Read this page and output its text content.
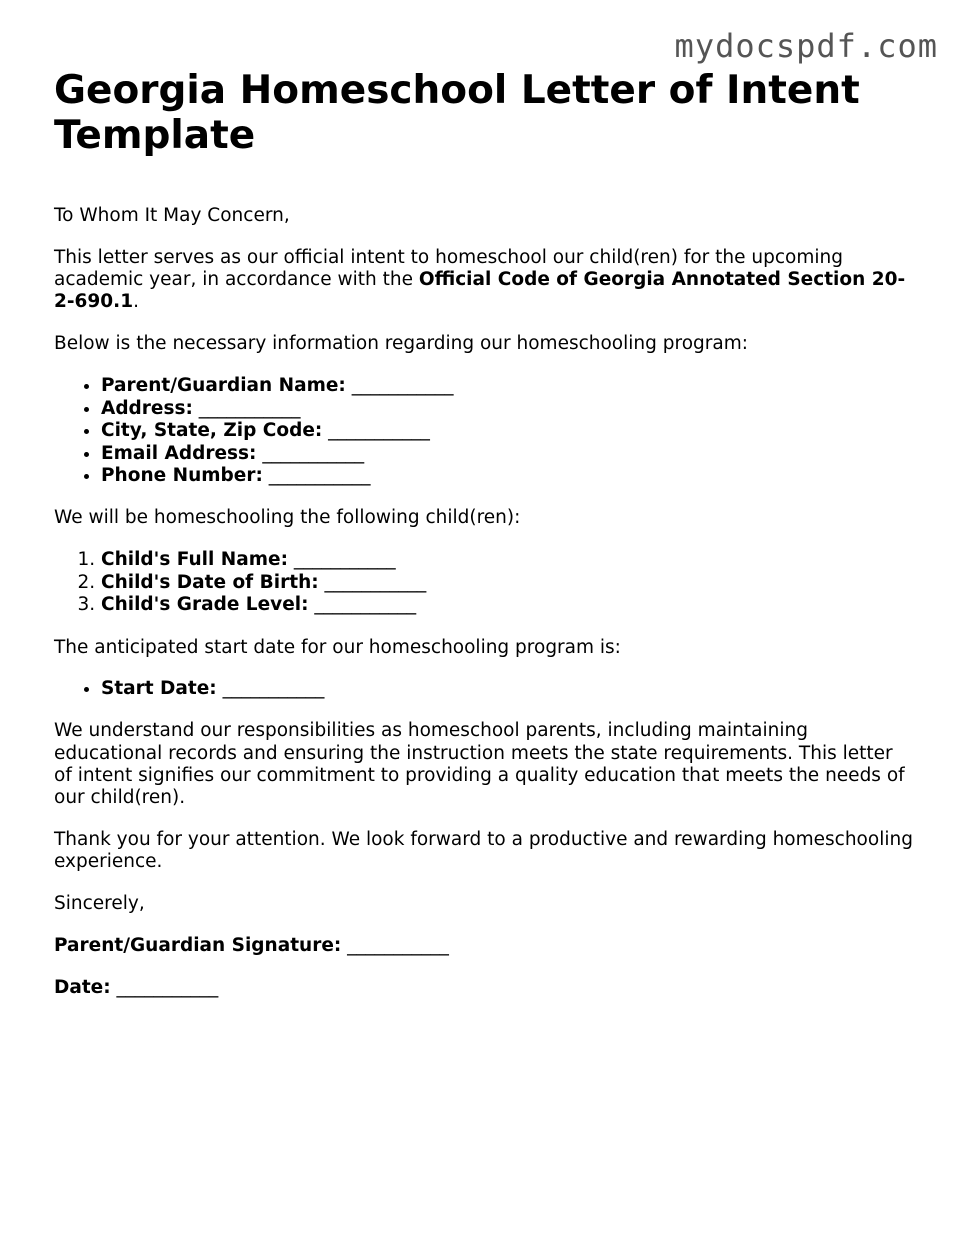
mydocspdf.com
Georgia Homeschool Letter of Intent Template

To Whom It May Concern,

This letter serves as our official intent to homeschool our child(ren) for the upcoming academic year, in accordance with the Official Code of Georgia Annotated Section 20-2-690.1.

Below is the necessary information regarding our homeschooling program:

• Parent/Guardian Name: ___________
• Address: ___________
• City, State, Zip Code: ___________
• Email Address: ___________
• Phone Number: ___________

We will be homeschooling the following child(ren):

1. Child's Full Name: ___________
2. Child's Date of Birth: ___________
3. Child's Grade Level: ___________

The anticipated start date for our homeschooling program is:

• Start Date: ___________

We understand our responsibilities as homeschool parents, including maintaining educational records and ensuring the instruction meets the state requirements. This letter of intent signifies our commitment to providing a quality education that meets the needs of our child(ren).

Thank you for your attention. We look forward to a productive and rewarding homeschooling experience.

Sincerely,

Parent/Guardian Signature: ___________

Date: ___________
